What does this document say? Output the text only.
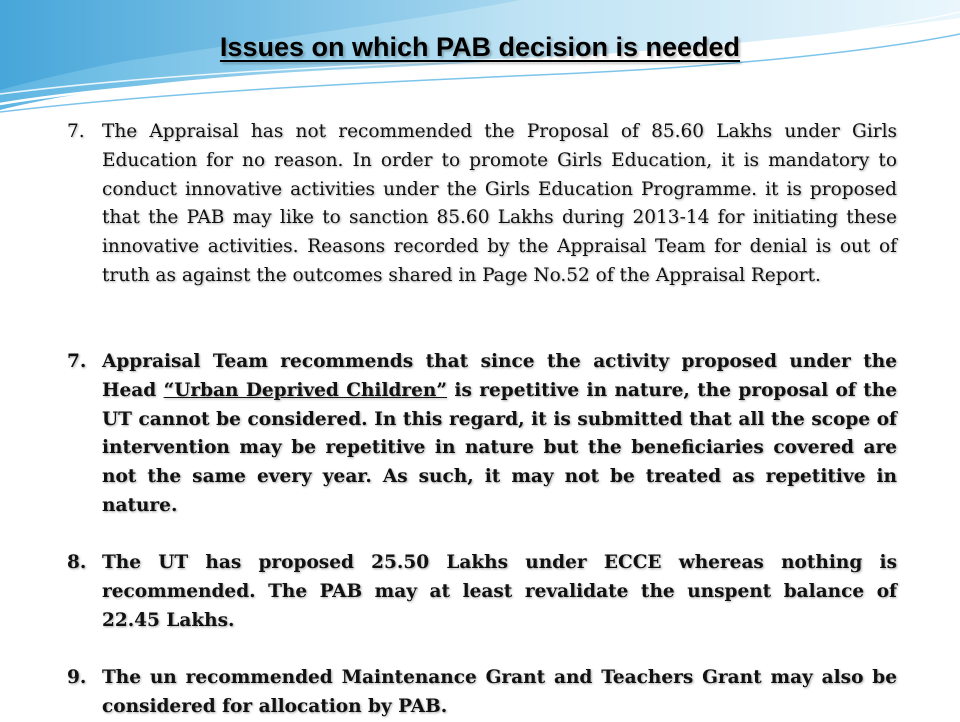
Issues on which PAB decision is needed
7. The Appraisal has not recommended the Proposal of 85.60 Lakhs under Girls Education for no reason. In order to promote Girls Education, it is mandatory to conduct innovative activities under the Girls Education Programme. it is proposed that the PAB may like to sanction 85.60 Lakhs during 2013-14 for initiating these innovative activities. Reasons recorded by the Appraisal Team for denial is out of truth as against the outcomes shared in Page No.52 of the Appraisal Report.
7. Appraisal Team recommends that since the activity proposed under the Head “Urban Deprived Children” is repetitive in nature, the proposal of the UT cannot be considered. In this regard, it is submitted that all the scope of intervention may be repetitive in nature but the beneficiaries covered are not the same every year. As such, it may not be treated as repetitive in nature.
8. The UT has proposed 25.50 Lakhs under ECCE whereas nothing is recommended. The PAB may at least revalidate the unspent balance of 22.45 Lakhs.
9. The un recommended Maintenance Grant and Teachers Grant may also be considered for allocation by PAB.
